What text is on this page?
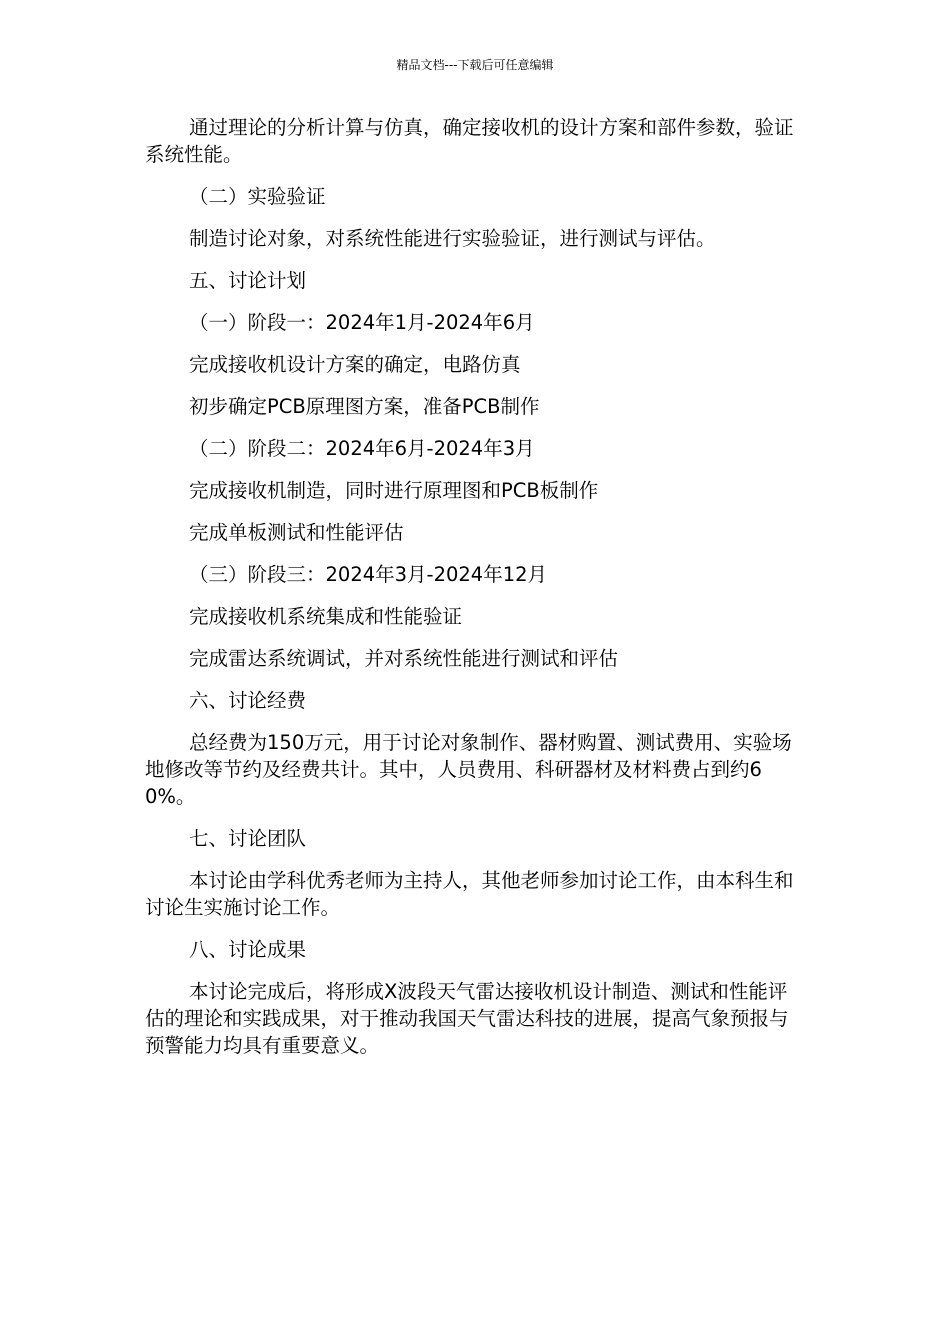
精品文档---下载后可任意编辑

通过理论的分析计算与仿真，确定接收机的设计方案和部件参数，验证系统性能。

（二）实验验证

制造讨论对象，对系统性能进行实验验证，进行测试与评估。

五、讨论计划

（一）阶段一：2024年1月-2024年6月

完成接收机设计方案的确定，电路仿真

初步确定PCB原理图方案，准备PCB制作

（二）阶段二：2024年6月-2024年3月

完成接收机制造，同时进行原理图和PCB板制作

完成单板测试和性能评估

（三）阶段三：2024年3月-2024年12月

完成接收机系统集成和性能验证

完成雷达系统调试，并对系统性能进行测试和评估

六、讨论经费

总经费为150万元，用于讨论对象制作、器材购置、测试费用、实验场地修改等节约及经费共计。其中，人员费用、科研器材及材料费占到约60%。

七、讨论团队

本讨论由学科优秀老师为主持人，其他老师参加讨论工作，由本科生和讨论生实施讨论工作。

八、讨论成果

本讨论完成后，将形成X波段天气雷达接收机设计制造、测试和性能评估的理论和实践成果，对于推动我国天气雷达科技的进展，提高气象预报与预警能力均具有重要意义。
